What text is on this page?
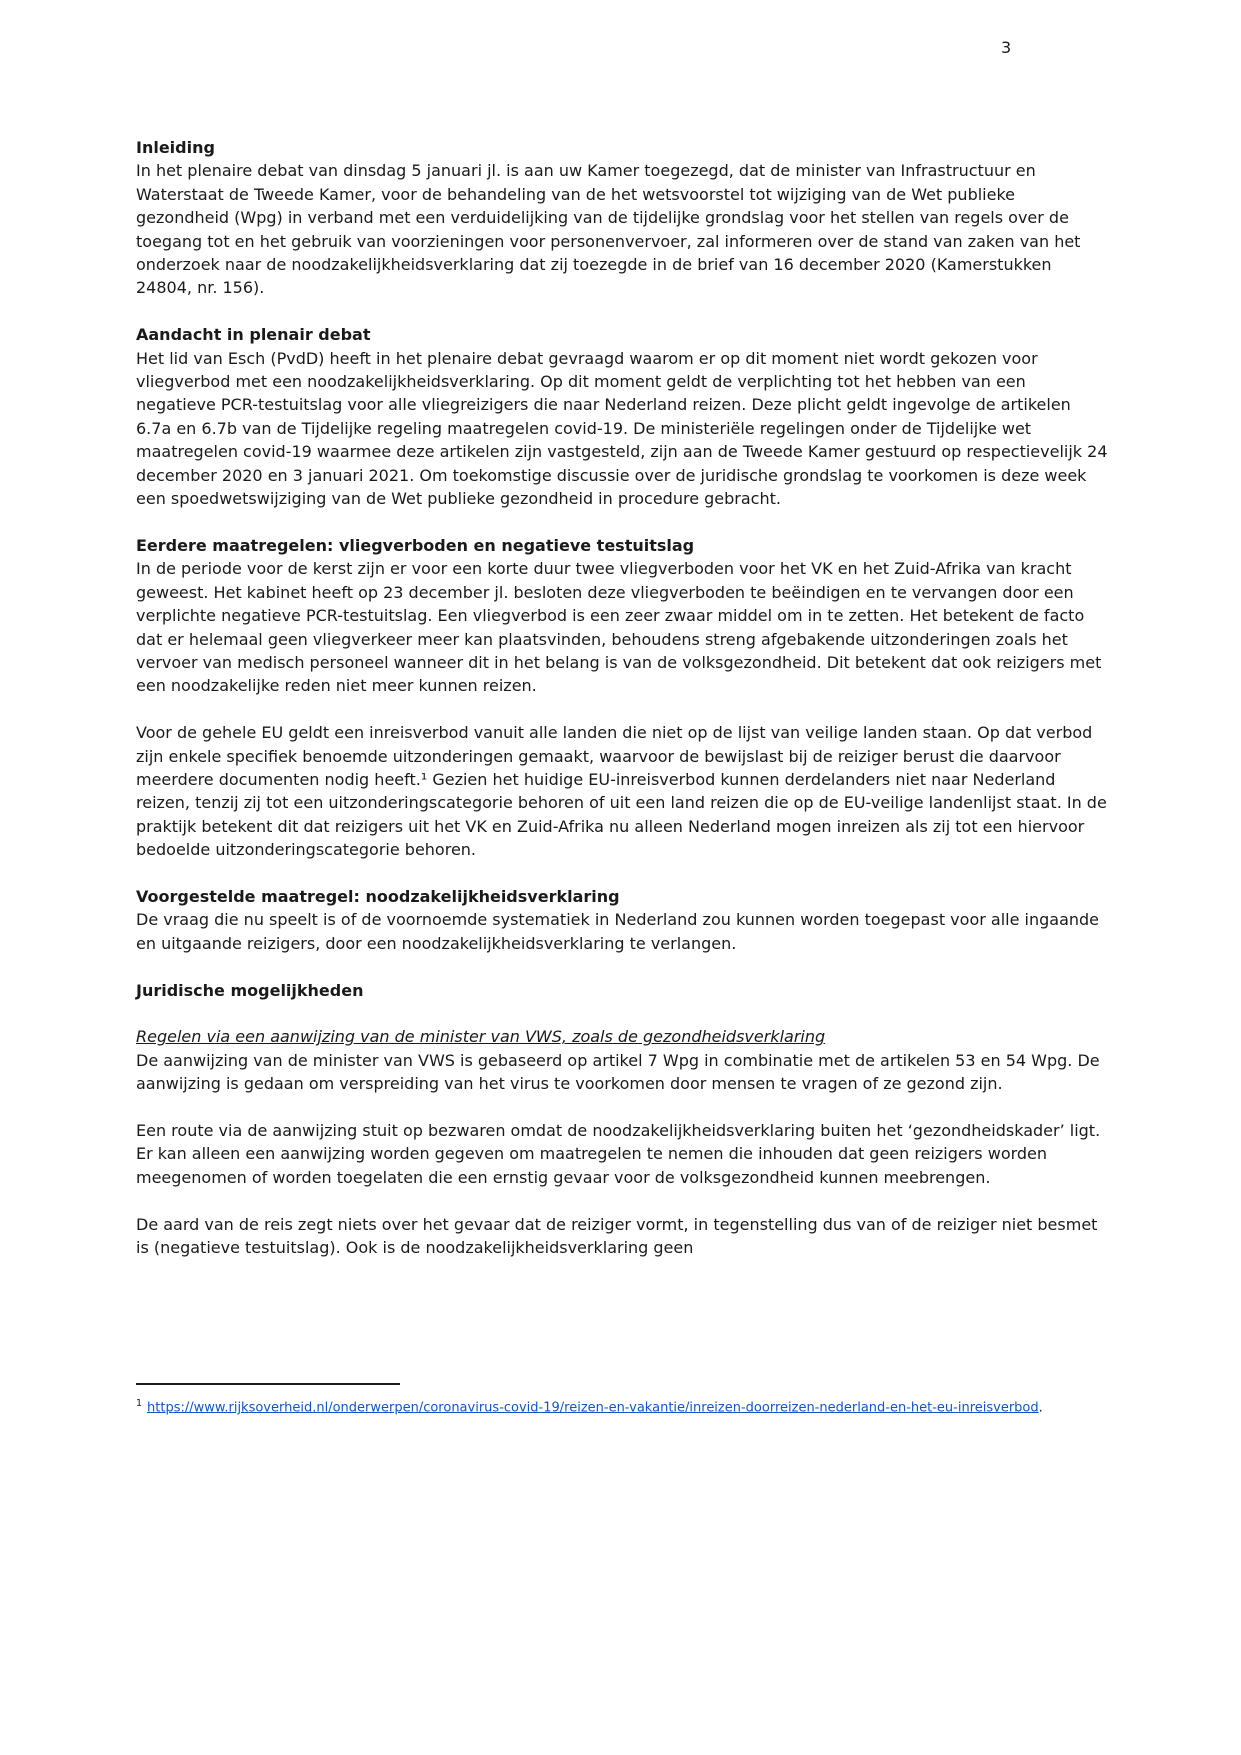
3
Inleiding

In het plenaire debat van dinsdag 5 januari jl. is aan uw Kamer toegezegd, dat de minister van Infrastructuur en Waterstaat de Tweede Kamer, voor de behandeling van de het wetsvoorstel tot wijziging van de Wet publieke gezondheid (Wpg) in verband met een verduidelijking van de tijdelijke grondslag voor het stellen van regels over de toegang tot en het gebruik van voorzieningen voor personenvervoer, zal informeren over de stand van zaken van het onderzoek naar de noodzakelijkheidsverklaring dat zij toezegde in de brief van 16 december 2020 (Kamerstukken 24804, nr. 156).

Aandacht in plenair debat

Het lid van Esch (PvdD) heeft in het plenaire debat gevraagd waarom er op dit moment niet wordt gekozen voor vliegverbod met een noodzakelijkheidsverklaring. Op dit moment geldt de verplichting tot het hebben van een negatieve PCR-testuitslag voor alle vliegreizigers die naar Nederland reizen. Deze plicht geldt ingevolge de artikelen 6.7a en 6.7b van de Tijdelijke regeling maatregelen covid-19. De ministeriële regelingen onder de Tijdelijke wet maatregelen covid-19 waarmee deze artikelen zijn vastgesteld, zijn aan de Tweede Kamer gestuurd op respectievelijk 24 december 2020 en 3 januari 2021. Om toekomstige discussie over de juridische grondslag te voorkomen is deze week een spoedwetswijziging van de Wet publieke gezondheid in procedure gebracht.

Eerdere maatregelen: vliegverboden en negatieve testuitslag

In de periode voor de kerst zijn er voor een korte duur twee vliegverboden voor het VK en het Zuid-Afrika van kracht geweest. Het kabinet heeft op 23 december jl. besloten deze vliegverboden te beëindigen en te vervangen door een verplichte negatieve PCR-testuitslag. Een vliegverbod is een zeer zwaar middel om in te zetten. Het betekent de facto dat er helemaal geen vliegverkeer meer kan plaatsvinden, behoudens streng afgebakende uitzonderingen zoals het vervoer van medisch personeel wanneer dit in het belang is van de volksgezondheid. Dit betekent dat ook reizigers met een noodzakelijke reden niet meer kunnen reizen.

Voor de gehele EU geldt een inreisverbod vanuit alle landen die niet op de lijst van veilige landen staan. Op dat verbod zijn enkele specifiek benoemde uitzonderingen gemaakt, waarvoor de bewijslast bij de reiziger berust die daarvoor meerdere documenten nodig heeft.¹ Gezien het huidige EU-inreisverbod kunnen derdelanders niet naar Nederland reizen, tenzij zij tot een uitzonderingscategorie behoren of uit een land reizen die op de EU-veilige landenlijst staat. In de praktijk betekent dit dat reizigers uit het VK en Zuid-Afrika nu alleen Nederland mogen inreizen als zij tot een hiervoor bedoelde uitzonderingscategorie behoren.

Voorgestelde maatregel: noodzakelijkheidsverklaring

De vraag die nu speelt is of de voornoemde systematiek in Nederland zou kunnen worden toegepast voor alle ingaande en uitgaande reizigers, door een noodzakelijkheidsverklaring te verlangen.

Juridische mogelijkheden
Regelen via een aanwijzing van de minister van VWS, zoals de gezondheidsverklaring

De aanwijzing van de minister van VWS is gebaseerd op artikel 7 Wpg in combinatie met de artikelen 53 en 54 Wpg. De aanwijzing is gedaan om verspreiding van het virus te voorkomen door mensen te vragen of ze gezond zijn.

Een route via de aanwijzing stuit op bezwaren omdat de noodzakelijkheidsverklaring buiten het ‘gezondheidskader’ ligt. Er kan alleen een aanwijzing worden gegeven om maatregelen te nemen die inhouden dat geen reizigers worden meegenomen of worden toegelaten die een ernstig gevaar voor de volksgezondheid kunnen meebrengen.

De aard van de reis zegt niets over het gevaar dat de reiziger vormt, in tegenstelling dus van of de reiziger niet besmet is (negatieve testuitslag). Ook is de noodzakelijkheidsverklaring geen

$^1$ https://www.rijksoverheid.nl/onderwerpen/coronavirus-covid-19/reizen-en-vakantie/inreizen-doorreizen-nederland-en-het-eu-inreisverbod.
